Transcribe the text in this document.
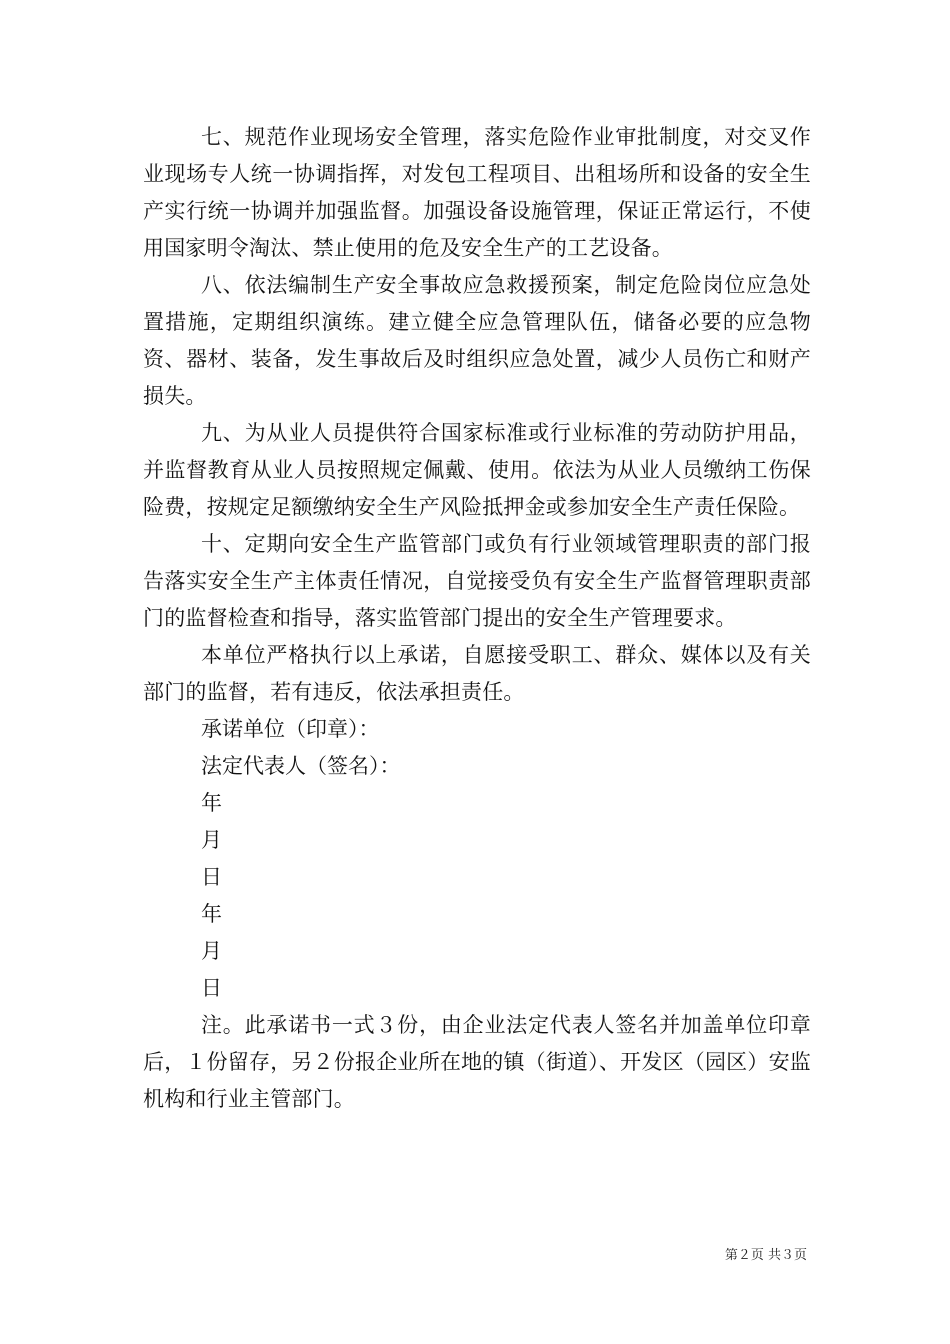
七、规范作业现场安全管理，落实危险作业审批制度，对交叉作业现场专人统一协调指挥，对发包工程项目、出租场所和设备的安全生产实行统一协调并加强监督。加强设备设施管理，保证正常运行，不使用国家明令淘汰、禁止使用的危及安全生产的工艺设备。

八、依法编制生产安全事故应急救援预案，制定危险岗位应急处置措施，定期组织演练。建立健全应急管理队伍，储备必要的应急物资、器材、装备，发生事故后及时组织应急处置，减少人员伤亡和财产损失。

九、为从业人员提供符合国家标准或行业标准的劳动防护用品，并监督教育从业人员按照规定佩戴、使用。依法为从业人员缴纳工伤保险费，按规定足额缴纳安全生产风险抵押金或参加安全生产责任保险。

十、定期向安全生产监管部门或负有行业领域管理职责的部门报告落实安全生产主体责任情况，自觉接受负有安全生产监督管理职责部门的监督检查和指导，落实监管部门提出的安全生产管理要求。

本单位严格执行以上承诺，自愿接受职工、群众、媒体以及有关部门的监督，若有违反，依法承担责任。

承诺单位（印章）：

法定代表人（签名）：

年

月

日

年

月

日

注。此承诺书一式３份，由企业法定代表人签名并加盖单位印章后，１份留存，另２份报企业所在地的镇（街道）、开发区（园区）安监机构和行业主管部门。

第２页 共３页
